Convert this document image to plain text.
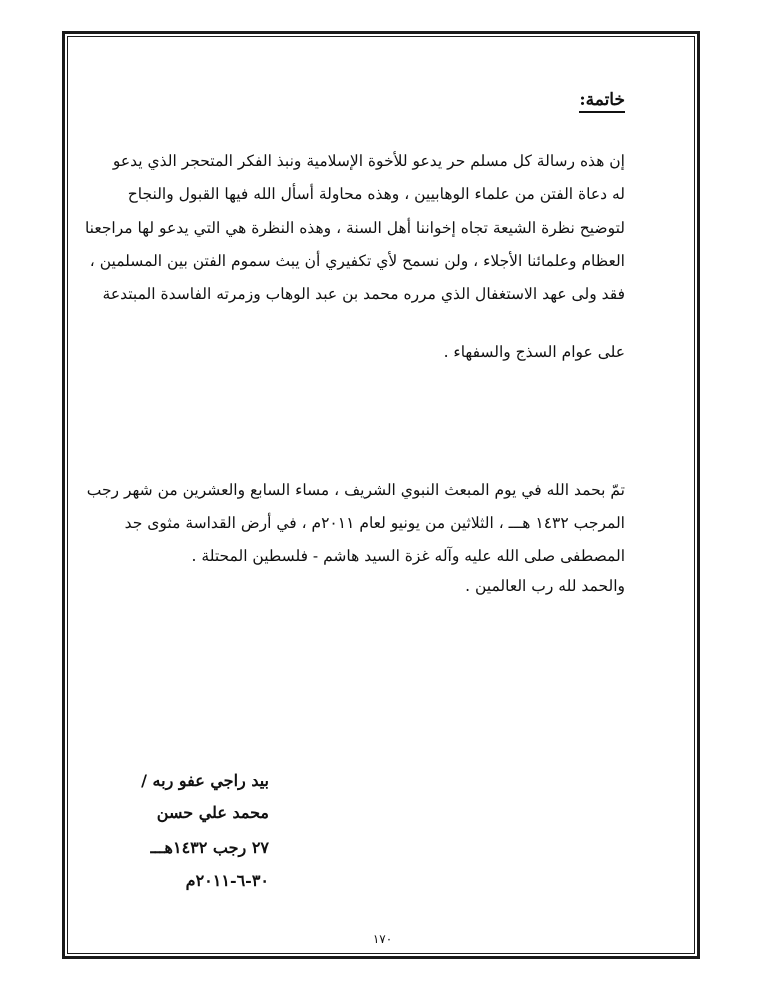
خاتمة:
إن هذه رسالة كل مسلم حر يدعو للأخوة الإسلامية ونبذ الفكر المتحجر الذي يدعو
له دعاة الفتن من علماء الوهابيين ، وهذه محاولة أسأل الله فيها القبول والنجاح
لتوضيح نظرة الشيعة تجاه إخواننا أهل السنة ، وهذه النظرة هي التي يدعو لها مراجعنا
العظام وعلمائنا الأجلاء ، ولن نسمح لأي تكفيري أن يبث سموم الفتن بين المسلمين ،
فقد ولى عهد الاستغفال الذي مرره محمد بن عبد الوهاب وزمرته الفاسدة المبتدعة
على عوام السذج والسفهاء .
تمّ بحمد الله في يوم المبعث النبوي الشريف ، مساء السابع والعشرين من شهر رجب
المرجب ١٤٣٢ هـــ ، الثلاثين من يونيو لعام ٢٠١١م ، في أرض القداسة مثوى جد
المصطفى صلى الله عليه وآله غزة السيد هاشم - فلسطين المحتلة .
والحمد لله رب العالمين .
بيد راجي عفو ربه /
محمد علي حسن
٢٧ رجب ١٤٣٢هـــ
٣٠-٦-٢٠١١م
١٧٠
